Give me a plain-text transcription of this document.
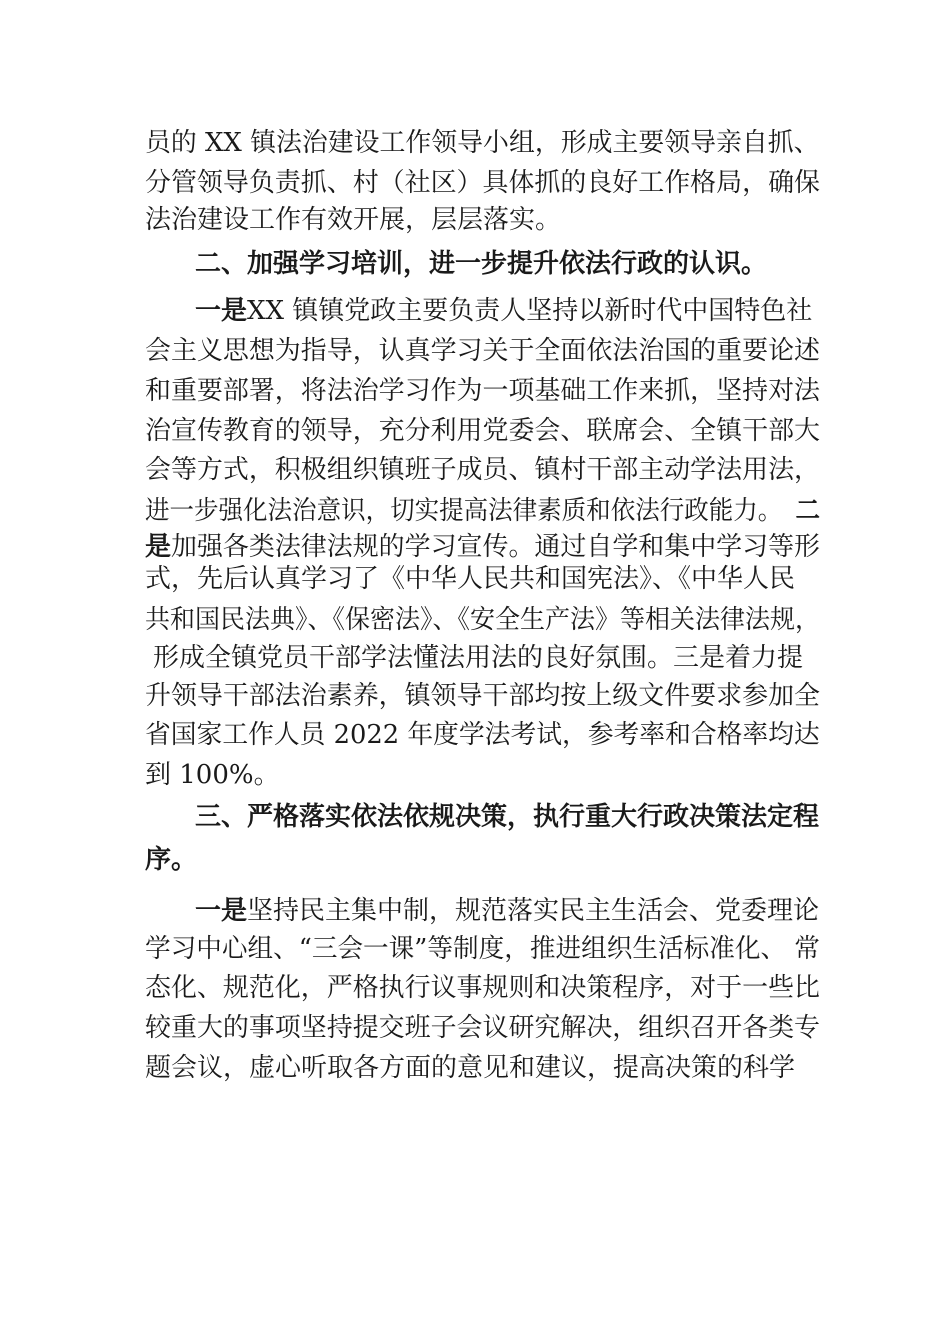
员的 XX 镇法治建设工作领导小组，形成主要领导亲自抓、
分管领导负责抓、村（社区）具体抓的良好工作格局，确保
法治建设工作有效开展，层层落实。
二、加强学习培训，进一步提升依法行政的认识。
一是XX 镇镇党政主要负责人坚持以新时代中国特色社
会主义思想为指导，认真学习关于全面依法治国的重要论述
和重要部署，将法治学习作为一项基础工作来抓，坚持对法
治宣传教育的领导，充分利用党委会、联席会、全镇干部大
会等方式，积极组织镇班子成员、镇村干部主动学法用法，
进一步强化法治意识，切实提高法律素质和依法行政能力。 二
是加强各类法律法规的学习宣传。通过自学和集中学习等形
式，先后认真学习了《中华人民共和国宪法》、《中华人民
共和国民法典》、《保密法》、《安全生产法》等相关法律法规，
形成全镇党员干部学法懂法用法的良好氛围。三是着力提
升领导干部法治素养，镇领导干部均按上级文件要求参加全
省国家工作人员 2022 年度学法考试，参考率和合格率均达
到 100%。
三、严格落实依法依规决策，执行重大行政决策法定程
序。
一是坚持民主集中制，规范落实民主生活会、党委理论
学习中心组、“三会一课”等制度，推进组织生活标准化、 常
态化、规范化，严格执行议事规则和决策程序，对于一些比
较重大的事项坚持提交班子会议研究解决，组织召开各类专
题会议，虚心听取各方面的意见和建议，提高决策的科学
